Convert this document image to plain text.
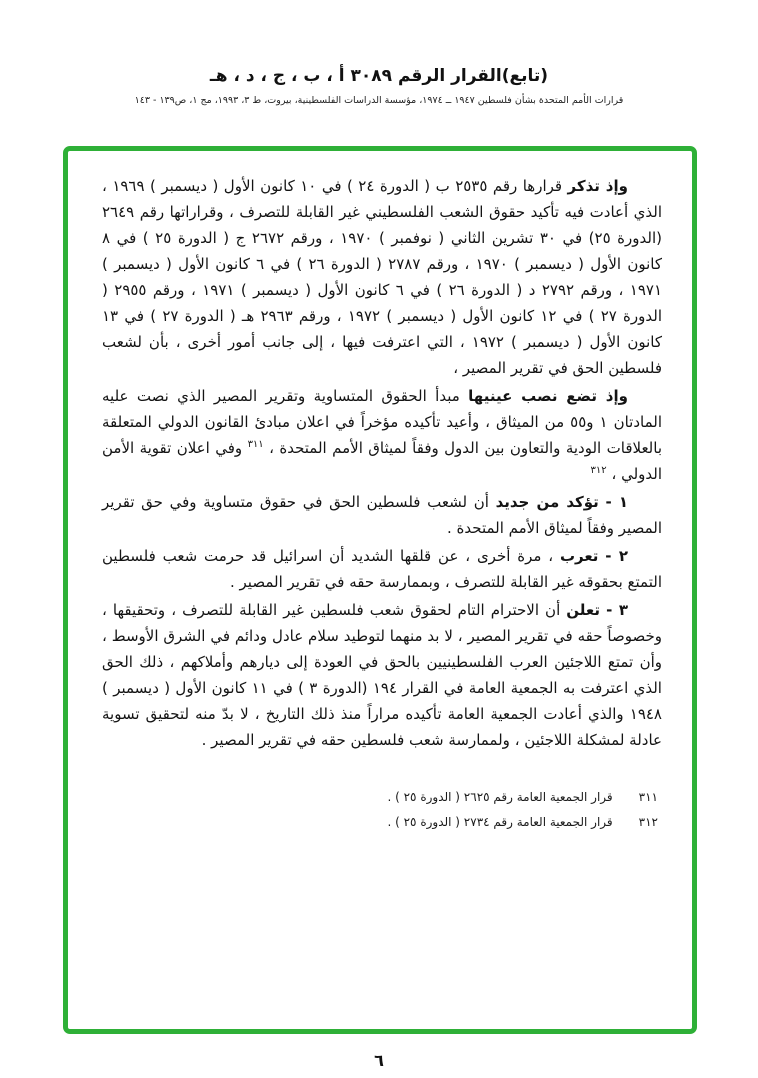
(تابع)القرار الرقم ٣٠٨٩ أ ، ب ، ج ، د ، هـ
قرارات الأمم المتحدة بشأن فلسطين ١٩٤٧ ــ ١٩٧٤، مؤسسة الدراسات الفلسطينية، بيروت، ط ٣، ١٩٩٣، مج ١، ص١٣٩ - ١٤٣

وإذ تذكر قرارها رقم ٢٥٣٥ ب ( الدورة ٢٤ ) في ١٠ كانون الأول ( ديسمبر ) ١٩٦٩ ، الذي أعادت فيه تأكيد حقوق الشعب الفلسطيني غير القابلة للتصرف ، وقراراتها رقم ٢٦٤٩ (الدورة ٢٥) في ٣٠ تشرين الثاني ( نوفمبر ) ١٩٧٠ ، ورقم ٢٦٧٢ ج ( الدورة ٢٥ ) في ٨ كانون الأول ( ديسمبر ) ١٩٧٠ ، ورقم ٢٧٨٧ ( الدورة ٢٦ ) في ٦ كانون الأول ( ديسمبر ) ١٩٧١ ، ورقم ٢٧٩٢ د ( الدورة ٢٦ ) في ٦ كانون الأول ( ديسمبر ) ١٩٧١ ، ورقم ٢٩٥٥ ( الدورة ٢٧ ) في ١٢ كانون الأول ( ديسمبر ) ١٩٧٢ ، ورقم ٢٩٦٣ هـ ( الدورة ٢٧ ) في ١٣ كانون الأول ( ديسمبر ) ١٩٧٢ ، التي اعترفت فيها ، إلى جانب أمور أخرى ، بأن لشعب فلسطين الحق في تقرير المصير ،

وإذ تضع نصب عينيها مبدأ الحقوق المتساوية وتقرير المصير الذي نصت عليه المادتان ١ و٥٥ من الميثاق ، وأعيد تأكيده مؤخراً في اعلان مبادئ القانون الدولي المتعلقة بالعلاقات الودية والتعاون بين الدول وفقاً لميثاق الأمم المتحدة ، $^{٣١١}$ وفي اعلان تقوية الأمن الدولي ، $^{٣١٢}$

١ - تؤكد من جديد أن لشعب فلسطين الحق في حقوق متساوية وفي حق تقرير المصير وفقاً لميثاق الأمم المتحدة .

٢ - تعرب ، مرة أخرى ، عن قلقها الشديد أن اسرائيل قد حرمت شعب فلسطين التمتع بحقوقه غير القابلة للتصرف ، وبممارسة حقه في تقرير المصير .

٣ - تعلن أن الاحترام التام لحقوق شعب فلسطين غير القابلة للتصرف ، وتحقيقها ، وخصوصاً حقه في تقرير المصير ، لا بد منهما لتوطيد سلام عادل ودائم في الشرق الأوسط ، وأن تمتع اللاجئين العرب الفلسطينيين بالحق في العودة إلى ديارهم وأملاكهم ، ذلك الحق الذي اعترفت به الجمعية العامة في القرار ١٩٤ (الدورة ٣ ) في ١١ كانون الأول ( ديسمبر ) ١٩٤٨ والذي أعادت الجمعية العامة تأكيده مراراً منذ ذلك التاريخ ، لا بدّ منه لتحقيق تسوية عادلة لمشكلة اللاجئين ، ولممارسة شعب فلسطين حقه في تقرير المصير .

٣١١قرار الجمعية العامة رقم ٢٦٢٥ ( الدورة ٢٥ ) .
٣١٢قرار الجمعية العامة رقم ٢٧٣٤ ( الدورة ٢٥ ) .
٦
